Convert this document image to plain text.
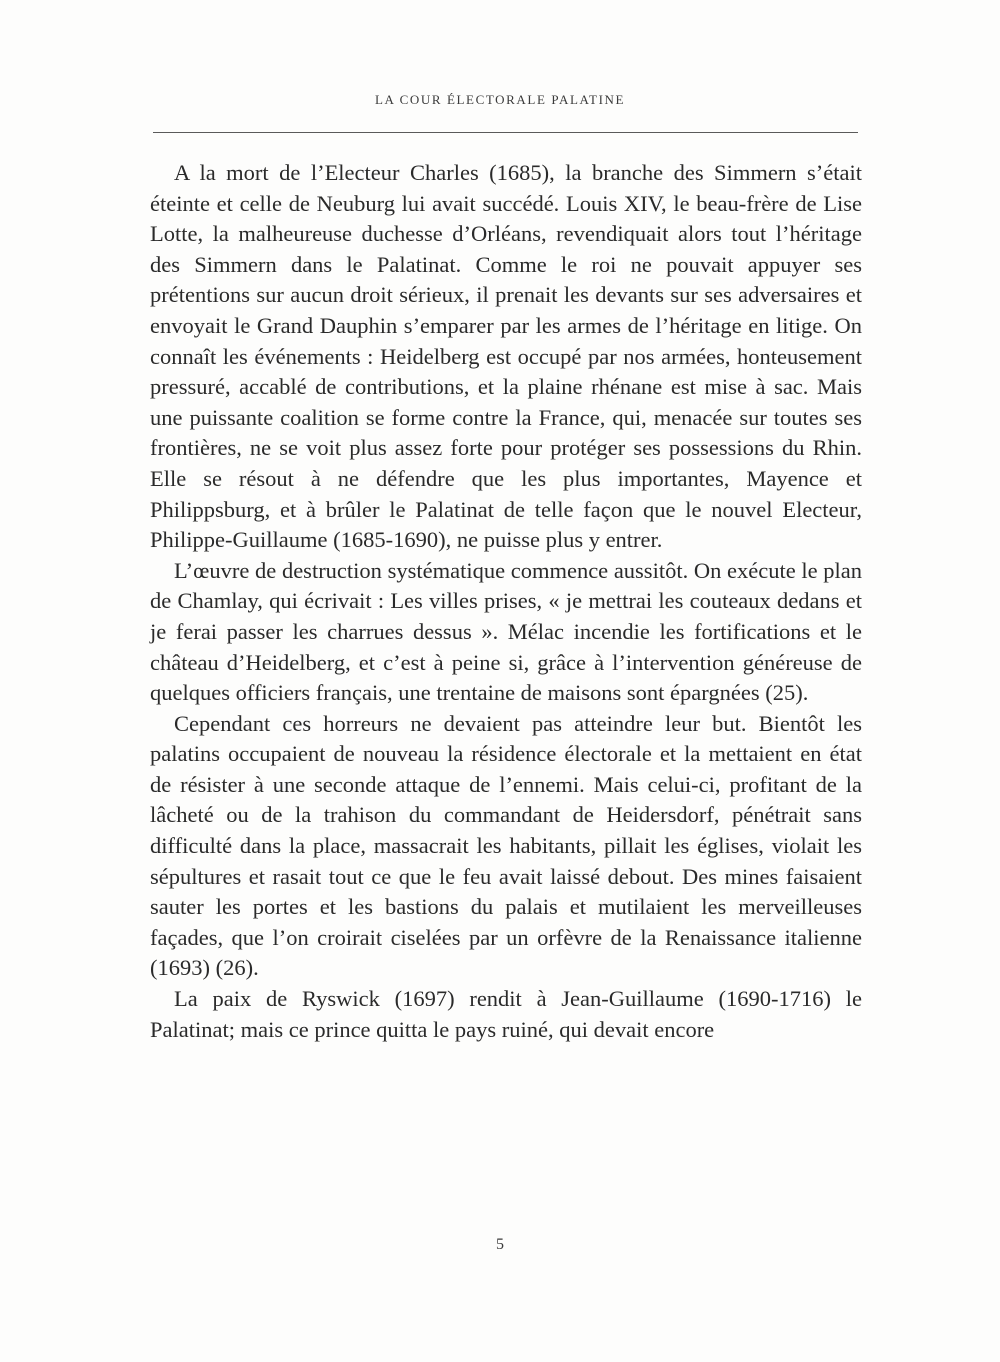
LA COUR ÉLECTORALE PALATINE

A la mort de l’Electeur Charles (1685), la branche des Simmern s’était éteinte et celle de Neuburg lui avait succédé. Louis XIV, le beau-frère de Lise Lotte, la malheureuse duchesse d’Orléans, revendiquait alors tout l’héritage des Simmern dans le Palatinat. Comme le roi ne pouvait appuyer ses prétentions sur aucun droit sérieux, il prenait les devants sur ses adversaires et envoyait le Grand Dauphin s’emparer par les armes de l’héritage en litige. On connaît les événements : Heidelberg est occupé par nos armées, honteusement pressuré, accablé de contributions, et la plaine rhénane est mise à sac. Mais une puissante coalition se forme contre la France, qui, menacée sur toutes ses frontières, ne se voit plus assez forte pour protéger ses possessions du Rhin. Elle se résout à ne défendre que les plus importantes, Mayence et Philippsburg, et à brûler le Palatinat de telle façon que le nouvel Electeur, Philippe-Guillaume (1685-1690), ne puisse plus y entrer.

L’œuvre de destruction systématique commence aussitôt. On exécute le plan de Chamlay, qui écrivait : Les villes prises, « je mettrai les couteaux dedans et je ferai passer les charrues dessus ». Mélac incendie les fortifications et le château d’Heidelberg, et c’est à peine si, grâce à l’intervention généreuse de quelques officiers français, une trentaine de maisons sont épargnées (25).

Cependant ces horreurs ne devaient pas atteindre leur but. Bientôt les palatins occupaient de nouveau la résidence électorale et la mettaient en état de résister à une seconde attaque de l’ennemi. Mais celui-ci, profitant de la lâcheté ou de la trahison du commandant de Heidersdorf, pénétrait sans difficulté dans la place, massacrait les habitants, pillait les églises, violait les sépultures et rasait tout ce que le feu avait laissé debout. Des mines faisaient sauter les portes et les bastions du palais et mutilaient les merveilleuses façades, que l’on croirait ciselées par un orfèvre de la Renaissance italienne (1693) (26).

La paix de Ryswick (1697) rendit à Jean-Guillaume (1690-1716) le Palatinat; mais ce prince quitta le pays ruiné, qui devait encore

5
